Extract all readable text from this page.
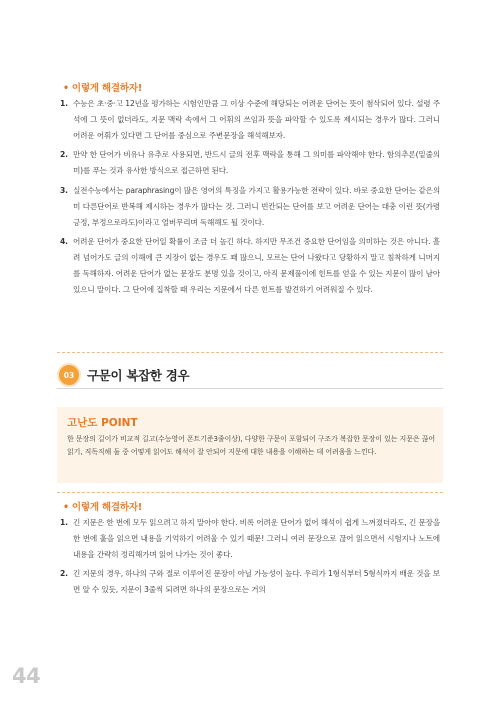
• 이렇게 해결하자!
1. 수능은 초·중·고 12년을 평가하는 시험인만큼 그 이상 수준에 해당되는 어려운 단어는 뜻이 첨삭되어 있다. 설령 주석에 그 뜻이 없더라도, 지문 맥락 속에서 그 어휘의 쓰임과 뜻을 파악할 수 있도록 제시되는 경우가 많다. 그러니 어려운 어휘가 있다면 그 단어를 중심으로 주변문장을 해석해보자.
2. 만약 한 단어가 비유나 유추로 사용되면, 반드시 글의 전후 맥락을 통해 그 의미를 파악해야 한다. 함의추론(밑줄의미)를 푸는 것과 유사한 방식으로 접근하면 된다.
3. 실전수능에서는 paraphrasing이 많은 영어의 특징을 가지고 활용가능한 전략이 있다. 바로 중요한 단어는 같은의미 다른단어로 반복해 제시하는 경우가 많다는 것. 그러니 빈칸되는 단어를 보고 어려운 단어는 대충 이런 뜻(가령 긍정, 부정으로라도)이라고 얼버무리며 독해해도 될 것이다.
4. 어려운 단어가 중요한 단어일 확률이 조금 더 높긴 하다. 하지만 무조건 중요한 단어임을 의미하는 것은 아니다. 흘려 넘어가도 글의 이해에 큰 지장이 없는 경우도 꽤 많으니, 모르는 단어 나왔다고 당황하지 말고 침착하게 니머지를 독해하자. 어려운 단어가 없는 문장도 분명 있을 것이고, 아직 문제풀이에 힌트를 얻을 수 있는 지문이 많이 남아 있으니 말이다. 그 단어에 집착할 때 우리는 지문에서 다른 힌트를 발견하기 어려워질 수 있다.
03	구문이 복잡한 경우
고난도 POINT
한 문장의 길이가 비교적 길고(수능영어 폰트기준3줄이상), 다양한 구문이 포함되어 구조가 복잡한 문장이 있는 지문은 끊어읽기, 직독직해 둘 중 어떻게 읽어도 해석이 잘 안되어 지문에 대한 내용을 이해하는 데 어려움을 느낀다.
• 이렇게 해결하자!
1. 긴 지문은 한 번에 모두 읽으려고 하지 말아야 한다. 비록 어려운 단어가 없어 해석이 쉽게 느껴졌더라도, 긴 문장을 한 번에 훑을 읽으면 내용을 기억하기 어려울 수 있기 때문! 그러니 여러 문장으로 끊어 읽으면서 시험지나 노트에 내용을 간략히 정리해가며 읽어 나가는 것이 좋다.
2. 긴 지문의 경우, 하나의 구와 절로 이루어진 문장이 아닐 가능성이 높다. 우리가 1형식부터 5형식까지 배운 것을 보면 알 수 있듯, 지문이 3줄씩 되려면 하나의 문장으로는 거의
44
